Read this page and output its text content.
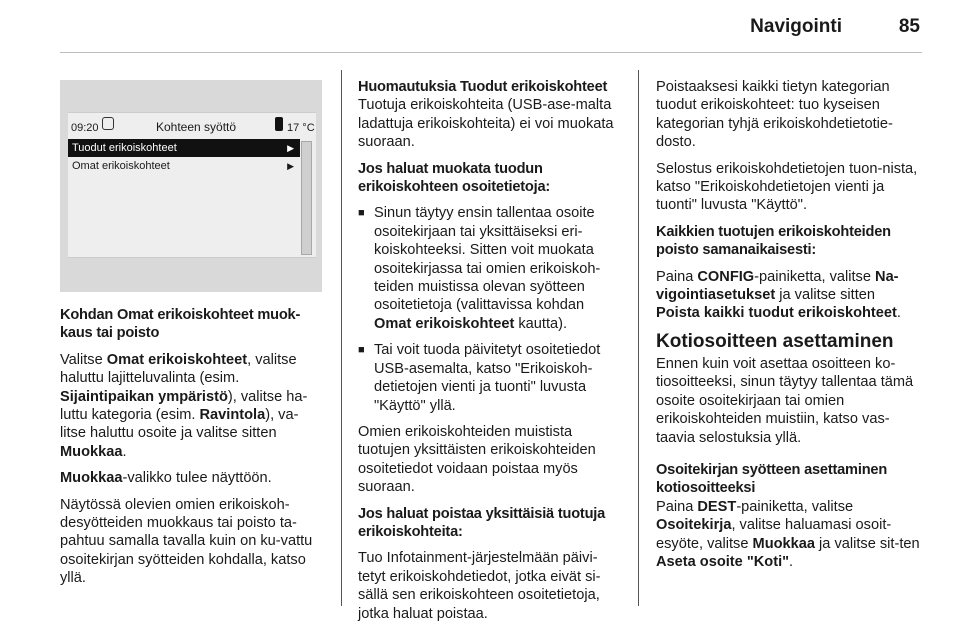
Navigointi	85
09:20	Kohteen syöttö	17 °C
Tuodut erikoiskohteet	▶
Omat erikoiskohteet	▶

Kohdan Omat erikoiskohteet muok-kaus tai poisto

Valitse Omat erikoiskohteet, valitse haluttu lajitteluvalinta (esim. Sijaintipaikan ympäristö), valitse ha-luttu kategoria (esim. Ravintola), va-litse haluttu osoite ja valitse sitten Muokkaa.

Muokkaa-valikko tulee näyttöön.

Näytössä olevien omien erikoiskoh-desyötteiden muokkaus tai poisto ta-pahtuu samalla tavalla kuin on ku-vattu osoitekirjan syötteiden kohdalla, katso yllä.

Huomautuksia Tuodut erikoiskohteet

Tuotuja erikoiskohteita (USB-ase-malta ladattuja erikoiskohteita) ei voi muokata suoraan.

Jos haluat muokata tuodun erikoiskohteen osoitetietoja:

■ Sinun täytyy ensin tallentaa osoite osoitekirjaan tai yksittäiseksi eri-koiskohteeksi. Sitten voit muokata osoitekirjassa tai omien erikoiskoh-teiden muistissa olevan syötteen osoitetietoja (valittavissa kohdan Omat erikoiskohteet kautta).
■ Tai voit tuoda päivitetyt osoitetiedot USB-asemalta, katso "Erikoiskoh-detietojen vienti ja tuonti" luvusta "Käyttö" yllä.

Omien erikoiskohteiden muistista tuotujen yksittäisten erikoiskohteiden osoitetiedot voidaan poistaa myös suoraan.

Jos haluat poistaa yksittäisiä tuotuja erikoiskohteita:

Tuo Infotainment-järjestelmään päivi-tetyt erikoiskohdetiedot, jotka eivät si-sällä sen erikoiskohteen osoitetietoja, jotka haluat poistaa.

Poistaaksesi kaikki tietyn kategorian tuodut erikoiskohteet: tuo kyseisen kategorian tyhjä erikoiskohdetietotie-dosto.

Selostus erikoiskohdetietojen tuon-nista, katso "Erikoiskohdetietojen vienti ja tuonti" luvusta "Käyttö".

Kaikkien tuotujen erikoiskohteiden poisto samanaikaisesti:

Paina CONFIG-painiketta, valitse Na-vigointiasetukset ja valitse sitten Poista kaikki tuodut erikoiskohteet.

Kotiosoitteen asettaminen

Ennen kuin voit asettaa osoitteen ko-tiosoitteeksi, sinun täytyy tallentaa tämä osoite osoitekirjaan tai omien erikoiskohteiden muistiin, katso vas-taavia selostuksia yllä.

Osoitekirjan syötteen asettaminen kotiosoitteeksi

Paina DEST-painiketta, valitse Osoitekirja, valitse haluamasi osoit-esyöte, valitse Muokkaa ja valitse sit-ten Aseta osoite "Koti".
